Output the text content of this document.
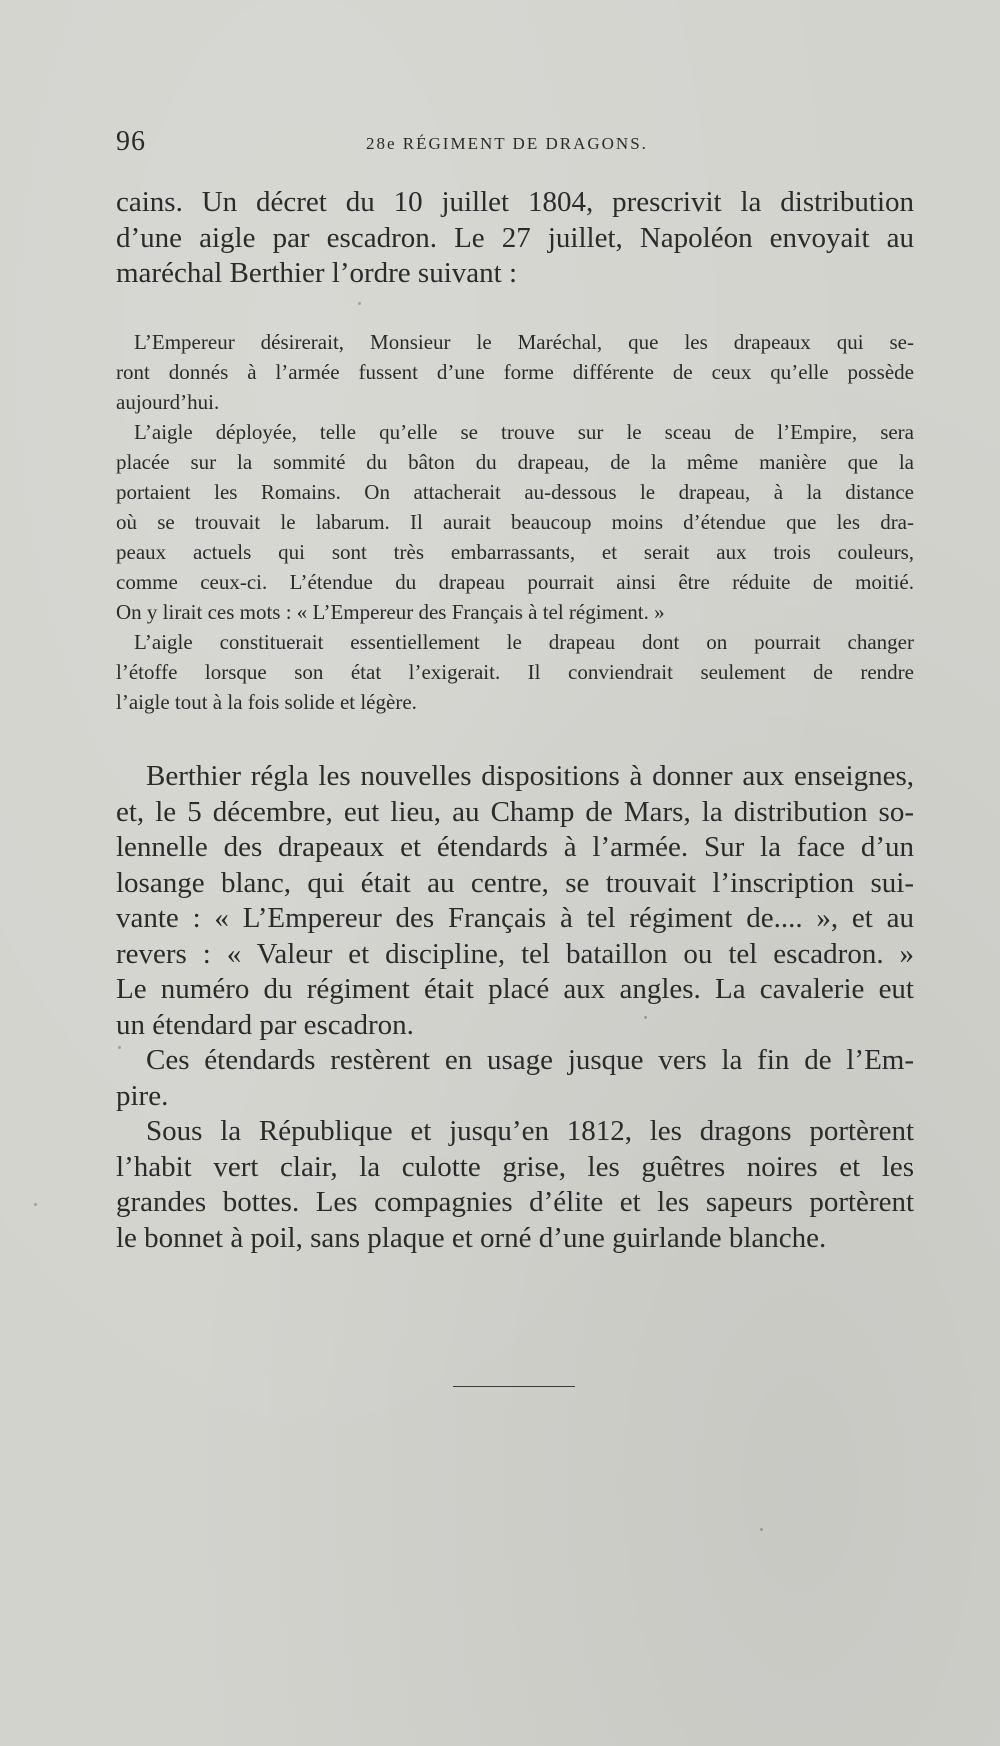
96	28e RÉGIMENT DE DRAGONS.
cains. Un décret du 10 juillet 1804, prescrivit la distribution
d’une aigle par escadron. Le 27 juillet, Napoléon envoyait au
maréchal Berthier l’ordre suivant :

L’Empereur désirerait, Monsieur le Maréchal, que les drapeaux qui se-
ront donnés à l’armée fussent d’une forme différente de ceux qu’elle possède
aujourd’hui.

L’aigle déployée, telle qu’elle se trouve sur le sceau de l’Empire, sera
placée sur la sommité du bâton du drapeau, de la même manière que la
portaient les Romains. On attacherait au-dessous le drapeau, à la distance
où se trouvait le labarum. Il aurait beaucoup moins d’étendue que les dra-
peaux actuels qui sont très embarrassants, et serait aux trois couleurs,
comme ceux-ci. L’étendue du drapeau pourrait ainsi être réduite de moitié.
On y lirait ces mots : « L’Empereur des Français à tel régiment. »

L’aigle constituerait essentiellement le drapeau dont on pourrait changer
l’étoffe lorsque son état l’exigerait. Il conviendrait seulement de rendre
l’aigle tout à la fois solide et légère.

Berthier régla les nouvelles dispositions à donner aux enseignes,
et, le 5 décembre, eut lieu, au Champ de Mars, la distribution so-
lennelle des drapeaux et étendards à l’armée. Sur la face d’un
losange blanc, qui était au centre, se trouvait l’inscription sui-
vante : « L’Empereur des Français à tel régiment de.... », et au
revers : « Valeur et discipline, tel bataillon ou tel escadron. »
Le numéro du régiment était placé aux angles. La cavalerie eut
un étendard par escadron.
Ces étendards restèrent en usage jusque vers la fin de l’Em-
pire.
Sous la République et jusqu’en 1812, les dragons portèrent
l’habit vert clair, la culotte grise, les guêtres noires et les
grandes bottes. Les compagnies d’élite et les sapeurs portèrent
le bonnet à poil, sans plaque et orné d’une guirlande blanche.
